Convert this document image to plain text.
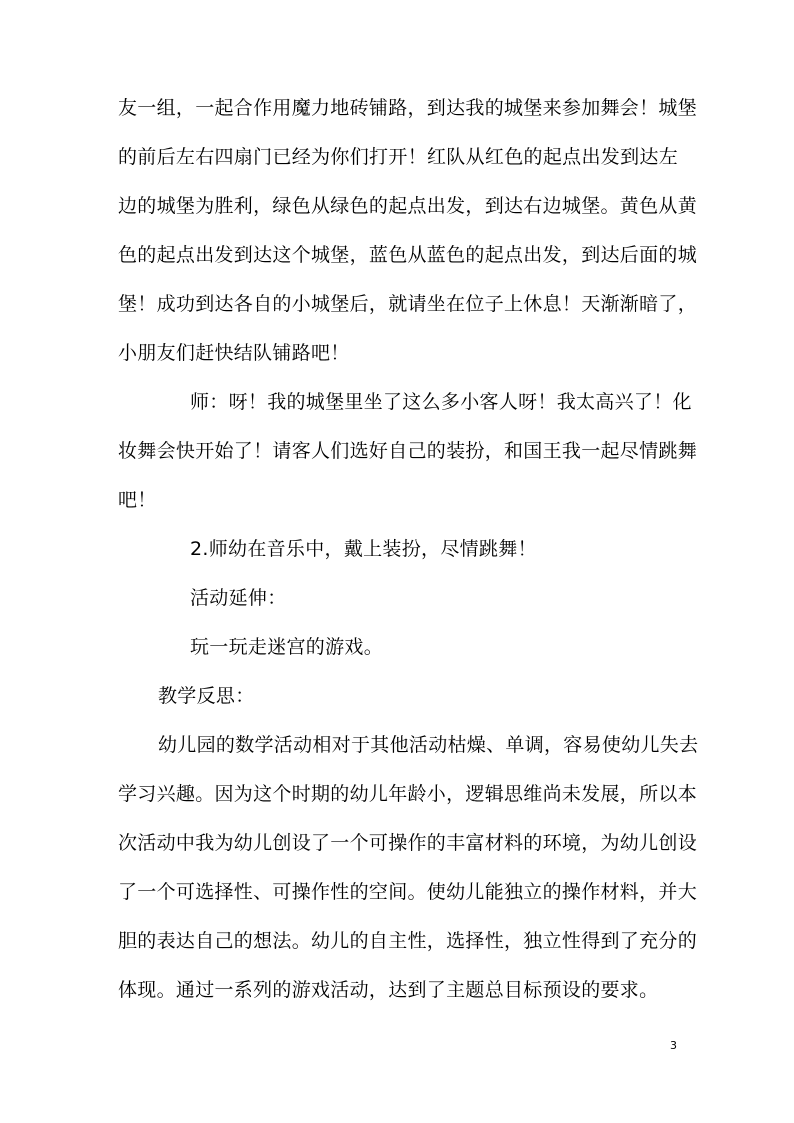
友一组，一起合作用魔力地砖铺路，到达我的城堡来参加舞会！城堡
的前后左右四扇门已经为你们打开！红队从红色的起点出发到达左
边的城堡为胜利，绿色从绿色的起点出发，到达右边城堡。黄色从黄
色的起点出发到达这个城堡，蓝色从蓝色的起点出发，到达后面的城
堡！成功到达各自的小城堡后，就请坐在位子上休息！天渐渐暗了，
小朋友们赶快结队铺路吧！
师：呀！我的城堡里坐了这么多小客人呀！我太高兴了！化
妆舞会快开始了！请客人们选好自己的装扮，和国王我一起尽情跳舞
吧！
2.师幼在音乐中，戴上装扮，尽情跳舞！
活动延伸：
玩一玩走迷宫的游戏。
教学反思：
幼儿园的数学活动相对于其他活动枯燥、单调，容易使幼儿失去
学习兴趣。因为这个时期的幼儿年龄小，逻辑思维尚未发展，所以本
次活动中我为幼儿创设了一个可操作的丰富材料的环境，为幼儿创设
了一个可选择性、可操作性的空间。使幼儿能独立的操作材料，并大
胆的表达自己的想法。幼儿的自主性，选择性，独立性得到了充分的
体现。通过一系列的游戏活动，达到了主题总目标预设的要求。
3
